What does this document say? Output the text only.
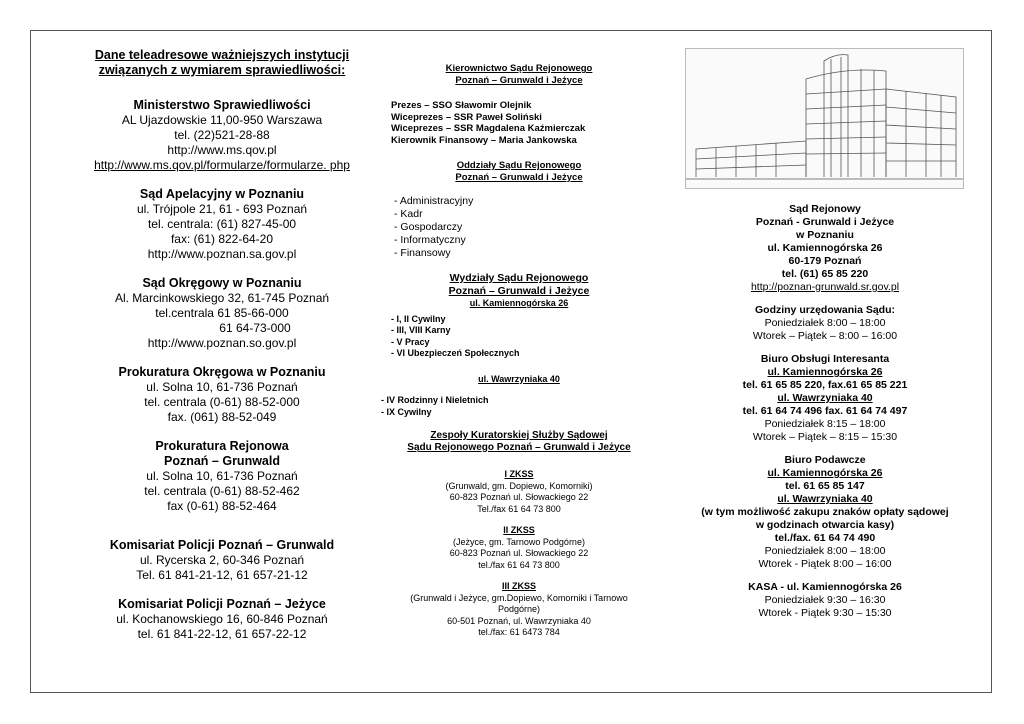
Dane teleadresowe ważniejszych instytucji
związanych z wymiarem sprawiedliwości:
Ministerstwo Sprawiedliwości
AL Ujazdowskie 11,00-950 Warszawa
tel. (22)521-28-88
http://www.ms.qov.pl
http://www.ms.qov.pl/formularze/formularze. php
Sąd Apelacyjny w Poznaniu
ul. Trójpole 21, 61 - 693 Poznań
tel. centrala: (61) 827-45-00
fax: (61) 822-64-20
http://www.poznan.sa.gov.pl
Sąd Okręgowy w Poznaniu
Al. Marcinkowskiego 32, 61-745 Poznań
tel.centrala 61 85-66-000
61 64-73-000
http://www.poznan.so.gov.pl
Prokuratura Okręgowa w Poznaniu
ul. Solna 10, 61-736 Poznań
tel. centrala (0-61) 88-52-000
fax. (061) 88-52-049
Prokuratura Rejonowa
Poznań – Grunwald
ul. Solna 10, 61-736 Poznań
tel. centrala (0-61) 88-52-462
fax (0-61) 88-52-464
Komisariat Policji Poznań – Grunwald
ul. Rycerska 2, 60-346 Poznań
Tel. 61 841-21-12, 61 657-21-12
Komisariat Policji Poznań – Jeżyce
ul. Kochanowskiego 16, 60-846 Poznań
tel. 61 841-22-12, 61 657-22-12
Kierownictwo Sądu Rejonowego
Poznań – Grunwald i Jeżyce
Prezes – SSO Sławomir Olejnik
Wiceprezes – SSR Paweł Soliński
Wiceprezes – SSR Magdalena Kaźmierczak
Kierownik Finansowy – Maria Jankowska
Oddziały Sądu Rejonowego
Poznań – Grunwald i Jeżyce
- Administracyjny
- Kadr
- Gospodarczy
- Informatyczny
- Finansowy
Wydziały Sądu Rejonowego
Poznań – Grunwald i Jeżyce
ul. Kamiennogórska 26
- I, II Cywilny
- III, VIII Karny
- V Pracy
- VI Ubezpieczeń Społecznych
ul. Wawrzyniaka 40
- IV Rodzinny i Nieletnich
- IX Cywilny
Zespoły Kuratorskiej Służby Sądowej
Sądu Rejonowego Poznań – Grunwald i Jeżyce
I ZKSS
(Grunwald, gm. Dopiewo, Komorniki)
60-823 Poznań ul. Słowackiego 22
Tel./fax 61 64 73 800
II ZKSS
(Jeżyce, gm. Tarnowo Podgórne)
60-823 Poznań ul. Słowackiego 22
tel./fax 61 64 73 800
III ZKSS
(Grunwald i Jeżyce, gm.Dopiewo, Komorniki i Tarnowo
Podgórne)
60-501 Poznań, ul. Wawrzyniaka 40
tel./fax: 61 6473 784
Sąd Rejonowy
Poznań - Grunwald i Jeżyce
w Poznaniu
ul. Kamiennogórska 26
60-179 Poznań
tel. (61) 65 85 220
http://poznan-grunwald.sr.gov.pl
Godziny urzędowania Sądu:
Poniedziałek 8:00 – 18:00
Wtorek – Piątek – 8:00 – 16:00
Biuro Obsługi Interesanta
ul. Kamiennogórska 26
tel. 61 65 85 220, fax.61 65 85 221
ul. Wawrzyniaka 40
tel. 61 64 74 496 fax. 61 64 74 497
Poniedziałek 8:15 – 18:00
Wtorek – Piątek – 8:15 – 15:30
Biuro Podawcze
ul. Kamiennogórska 26
tel. 61 65 85 147
ul. Wawrzyniaka 40
(w tym możliwość zakupu znaków opłaty sądowej
w godzinach otwarcia kasy)
tel./fax. 61 64 74 490
Poniedziałek 8:00 – 18:00
Wtorek - Piątek 8:00 – 16:00
KASA - ul. Kamiennogórska 26
Poniedziałek 9:30 – 16:30
Wtorek - Piątek 9:30 – 15:30
